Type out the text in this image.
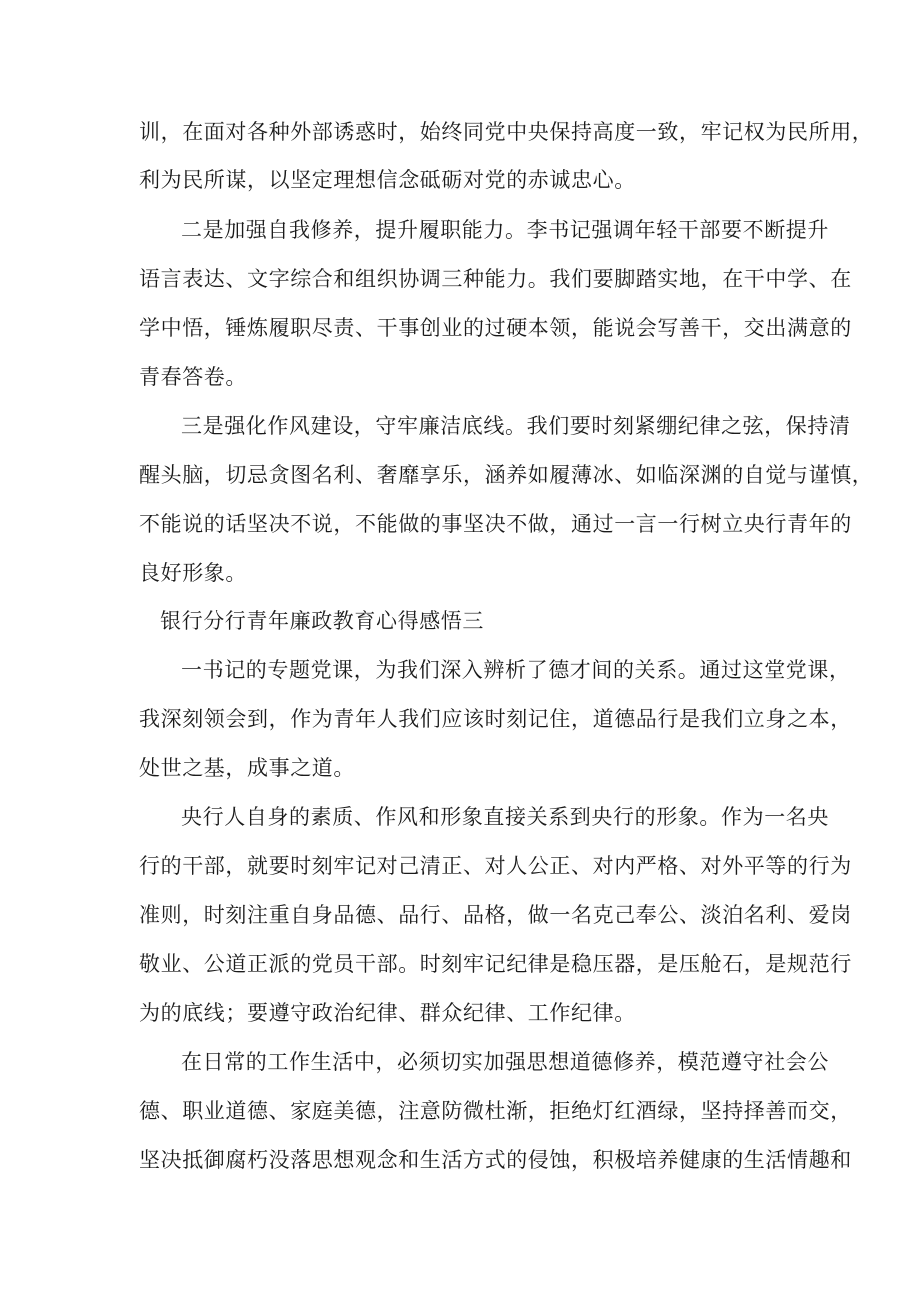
训，在面对各种外部诱惑时，始终同党中央保持高度一致，牢记权为民所用，
利为民所谋，以坚定理想信念砥砺对党的赤诚忠心。
二是加强自我修养，提升履职能力。李书记强调年轻干部要不断提升
语言表达、文字综合和组织协调三种能力。我们要脚踏实地，在干中学、在
学中悟，锤炼履职尽责、干事创业的过硬本领，能说会写善干，交出满意的
青春答卷。
三是强化作风建设，守牢廉洁底线。我们要时刻紧绷纪律之弦，保持清
醒头脑，切忌贪图名利、奢靡享乐，涵养如履薄冰、如临深渊的自觉与谨慎，
不能说的话坚决不说，不能做的事坚决不做，通过一言一行树立央行青年的
良好形象。
银行分行青年廉政教育心得感悟三
一书记的专题党课，为我们深入辨析了德才间的关系。通过这堂党课，
我深刻领会到，作为青年人我们应该时刻记住，道德品行是我们立身之本，
处世之基，成事之道。
央行人自身的素质、作风和形象直接关系到央行的形象。作为一名央
行的干部，就要时刻牢记对己清正、对人公正、对内严格、对外平等的行为
准则，时刻注重自身品德、品行、品格，做一名克己奉公、淡泊名利、爱岗
敬业、公道正派的党员干部。时刻牢记纪律是稳压器，是压舱石，是规范行
为的底线；要遵守政治纪律、群众纪律、工作纪律。
在日常的工作生活中，必须切实加强思想道德修养，模范遵守社会公
德、职业道德、家庭美德，注意防微杜渐，拒绝灯红酒绿，坚持择善而交，
坚决抵御腐朽没落思想观念和生活方式的侵蚀，积极培养健康的生活情趣和
